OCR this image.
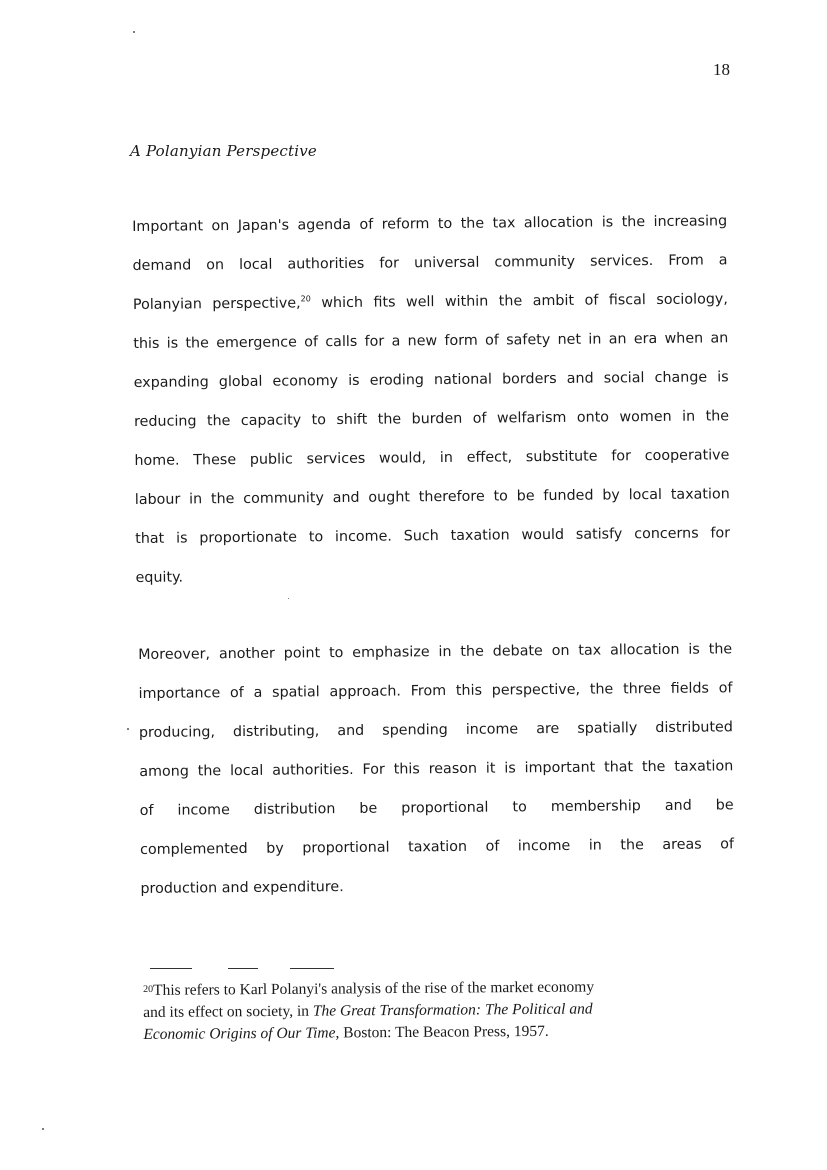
18
A Polanyian Perspective
Important on Japan's agenda of reform to the tax allocation is the increasing
demand on local authorities for universal community services. From a
Polanyian perspective,$^{20}$ which fits well within the ambit of fiscal sociology,
this is the emergence of calls for a new form of safety net in an era when an
expanding global economy is eroding national borders and social change is
reducing the capacity to shift the burden of welfarism onto women in the
home. These public services would, in effect, substitute for cooperative
labour in the community and ought therefore to be funded by local taxation
that is proportionate to income. Such taxation would satisfy concerns for
equity.
Moreover, another point to emphasize in the debate on tax allocation is the
importance of a spatial approach. From this perspective, the three fields of
producing, distributing, and spending income are spatially distributed
among the local authorities. For this reason it is important that the taxation
of income distribution be proportional to membership and be
complemented by proportional taxation of income in the areas of
production and expenditure.
$^{20}$This refers to Karl Polanyi's analysis of the rise of the market economy
and its effect on society, in The Great Transformation: The Political and
Economic Origins of Our Time, Boston: The Beacon Press, 1957.
